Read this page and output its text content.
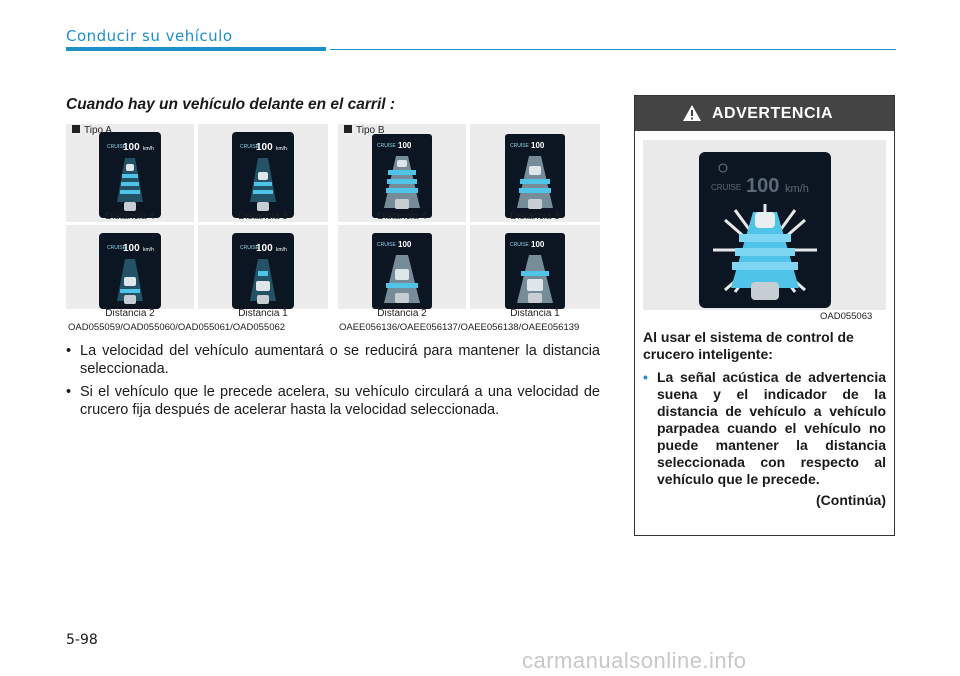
Conducir su vehículo
Cuando hay un vehículo delante en el carril :
CRUISE
100 km/h	CRUISE
100 km/h
Distancia 4	Distancia 3
CRUISE
100 km/h	CRUISE
100 km/h
Distancia 2	Distancia 1
Tipo A
OAD055059/OAD055060/OAD055061/OAD055062
CRUISE 100	CRUISE 100
Distancia 4	Distancia 3
CRUISE 100	CRUISE 100
Distancia 2	Distancia 1
Tipo B
OAEE056136/OAEE056137/OAEE056138/OAEE056139
• La velocidad del vehículo aumentará o se reducirá para mantener la distancia seleccionada.
• Si el vehículo que le precede acelera, su vehículo circulará a una velocidad de crucero fija después de acelerar hasta la velocidad seleccionada.
ADVERTENCIA
CRUISE 100 km/h
OAD055063
Al usar el sistema de control de crucero inteligente:
• La señal acústica de advertencia suena y el indicador de la distancia de vehículo a vehículo parpadea cuando el vehículo no puede mantener la distancia seleccionada con respecto al vehículo que le precede.
(Continúa)
5-98
carmanualsonline.info
